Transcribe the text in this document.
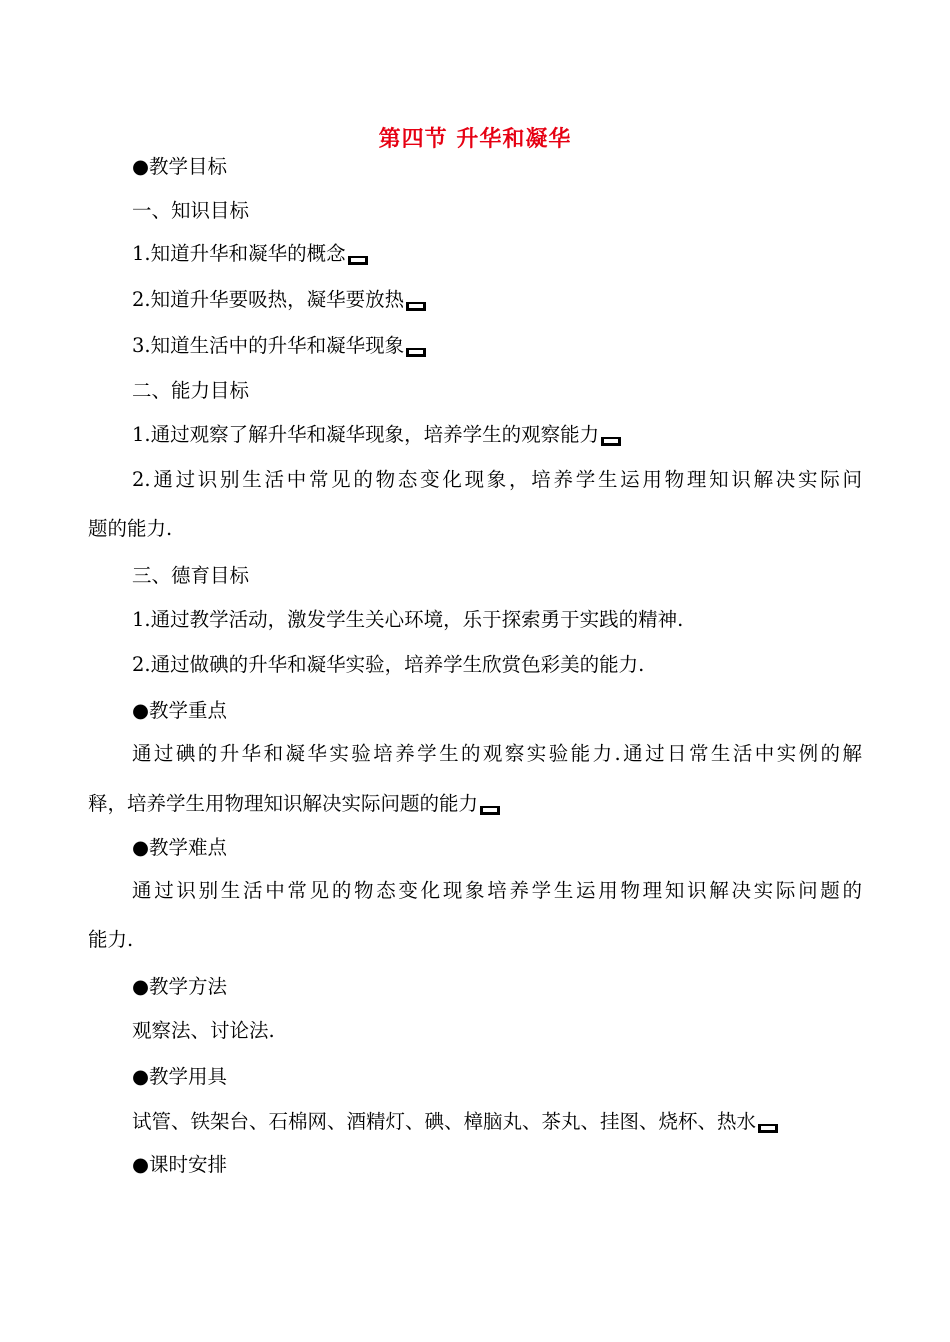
第四节 升华和凝华
●教学目标
一、知识目标
1.知道升华和凝华的概念
2.知道升华要吸热，凝华要放热
3.知道生活中的升华和凝华现象
二、能力目标
1.通过观察了解升华和凝华现象，培养学生的观察能力
2.通过识别生活中常见的物态变化现象，培养学生运用物理知识解决实际问
题的能力.
三、德育目标
1.通过教学活动，激发学生关心环境，乐于探索勇于实践的精神.
2.通过做碘的升华和凝华实验，培养学生欣赏色彩美的能力.
●教学重点
通过碘的升华和凝华实验培养学生的观察实验能力.通过日常生活中实例的解
释，培养学生用物理知识解决实际问题的能力
●教学难点
通过识别生活中常见的物态变化现象培养学生运用物理知识解决实际问题的
能力.
●教学方法
观察法、讨论法.
●教学用具
试管、铁架台、石棉网、酒精灯、碘、樟脑丸、茶丸、挂图、烧杯、热水
●课时安排
